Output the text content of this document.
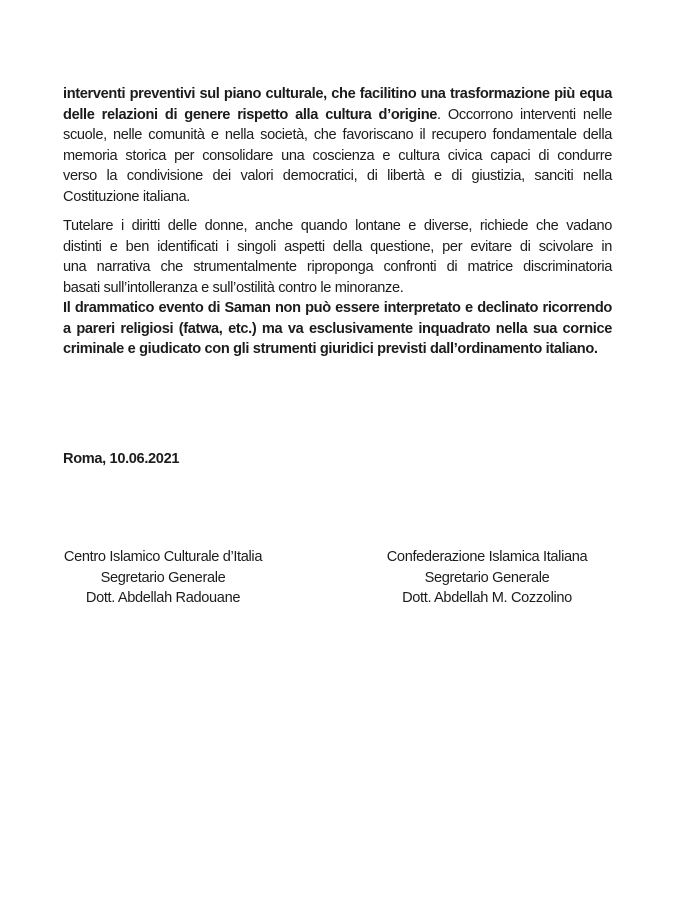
interventi preventivi sul piano culturale, che facilitino una trasformazione più equa
delle relazioni di genere rispetto alla cultura d’origine. Occorrono interventi nelle
scuole, nelle comunità e nella società, che favoriscano il recupero fondamentale della
memoria storica per consolidare una coscienza e cultura civica capaci di condurre
verso la condivisione dei valori democratici, di libertà e di giustizia, sanciti nella
Costituzione italiana.
Tutelare i diritti delle donne, anche quando lontane e diverse, richiede che vadano
distinti e ben identificati i singoli aspetti della questione, per evitare di scivolare in
una narrativa che strumentalmente riproponga confronti di matrice discriminatoria
basati sull’intolleranza e sull’ostilità contro le minoranze.
Il drammatico evento di Saman non può essere interpretato e declinato ricorrendo
a pareri religiosi (fatwa, etc.) ma va esclusivamente inquadrato nella sua cornice
criminale e giudicato con gli strumenti giuridici previsti dall’ordinamento italiano.
Roma, 10.06.2021
Centro Islamico Culturale d’Italia
Segretario Generale
Dott. Abdellah Radouane
Confederazione Islamica Italiana
Segretario Generale
Dott. Abdellah M. Cozzolino
